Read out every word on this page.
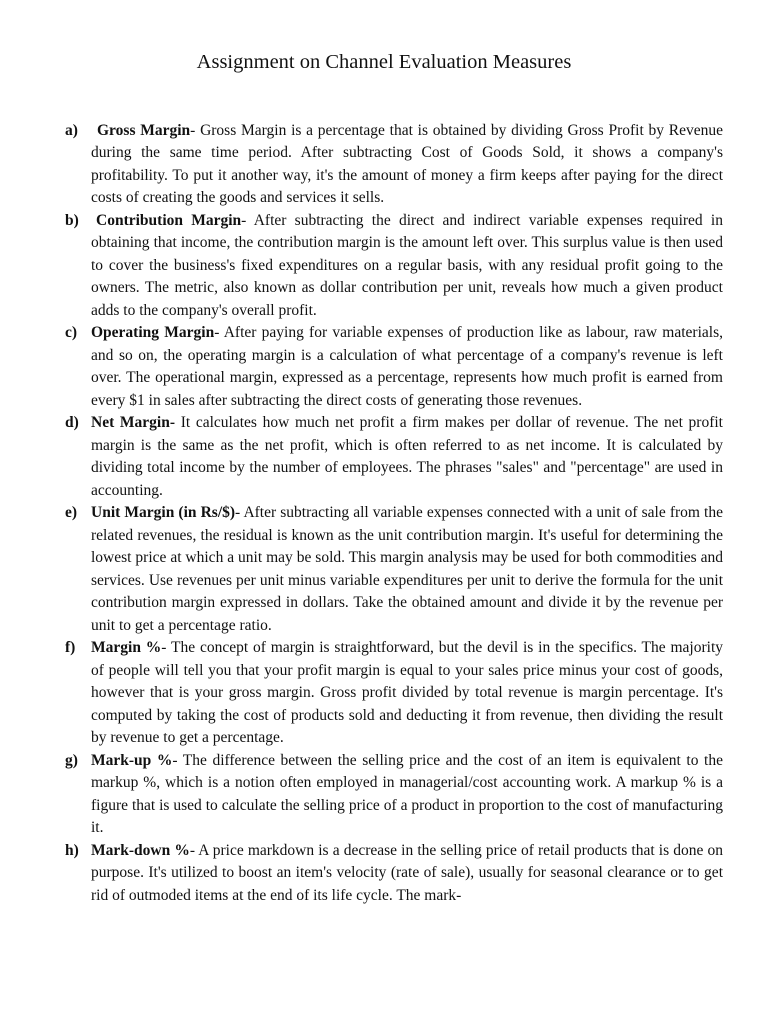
Assignment on Channel Evaluation Measures
a) Gross Margin- Gross Margin is a percentage that is obtained by dividing Gross Profit by Revenue during the same time period. After subtracting Cost of Goods Sold, it shows a company's profitability. To put it another way, it's the amount of money a firm keeps after paying for the direct costs of creating the goods and services it sells.
b) Contribution Margin- After subtracting the direct and indirect variable expenses required in obtaining that income, the contribution margin is the amount left over. This surplus value is then used to cover the business's fixed expenditures on a regular basis, with any residual profit going to the owners. The metric, also known as dollar contribution per unit, reveals how much a given product adds to the company's overall profit.
c) Operating Margin- After paying for variable expenses of production like as labour, raw materials, and so on, the operating margin is a calculation of what percentage of a company's revenue is left over. The operational margin, expressed as a percentage, represents how much profit is earned from every $1 in sales after subtracting the direct costs of generating those revenues.
d) Net Margin- It calculates how much net profit a firm makes per dollar of revenue. The net profit margin is the same as the net profit, which is often referred to as net income. It is calculated by dividing total income by the number of employees. The phrases "sales" and "percentage" are used in accounting.
e) Unit Margin (in Rs/$)- After subtracting all variable expenses connected with a unit of sale from the related revenues, the residual is known as the unit contribution margin. It's useful for determining the lowest price at which a unit may be sold. This margin analysis may be used for both commodities and services. Use revenues per unit minus variable expenditures per unit to derive the formula for the unit contribution margin expressed in dollars. Take the obtained amount and divide it by the revenue per unit to get a percentage ratio.
f) Margin %- The concept of margin is straightforward, but the devil is in the specifics. The majority of people will tell you that your profit margin is equal to your sales price minus your cost of goods, however that is your gross margin. Gross profit divided by total revenue is margin percentage. It's computed by taking the cost of products sold and deducting it from revenue, then dividing the result by revenue to get a percentage.
g) Mark-up %- The difference between the selling price and the cost of an item is equivalent to the markup %, which is a notion often employed in managerial/cost accounting work. A markup % is a figure that is used to calculate the selling price of a product in proportion to the cost of manufacturing it.
h) Mark-down %- A price markdown is a decrease in the selling price of retail products that is done on purpose. It's utilized to boost an item's velocity (rate of sale), usually for seasonal clearance or to get rid of outmoded items at the end of its life cycle. The mark-
